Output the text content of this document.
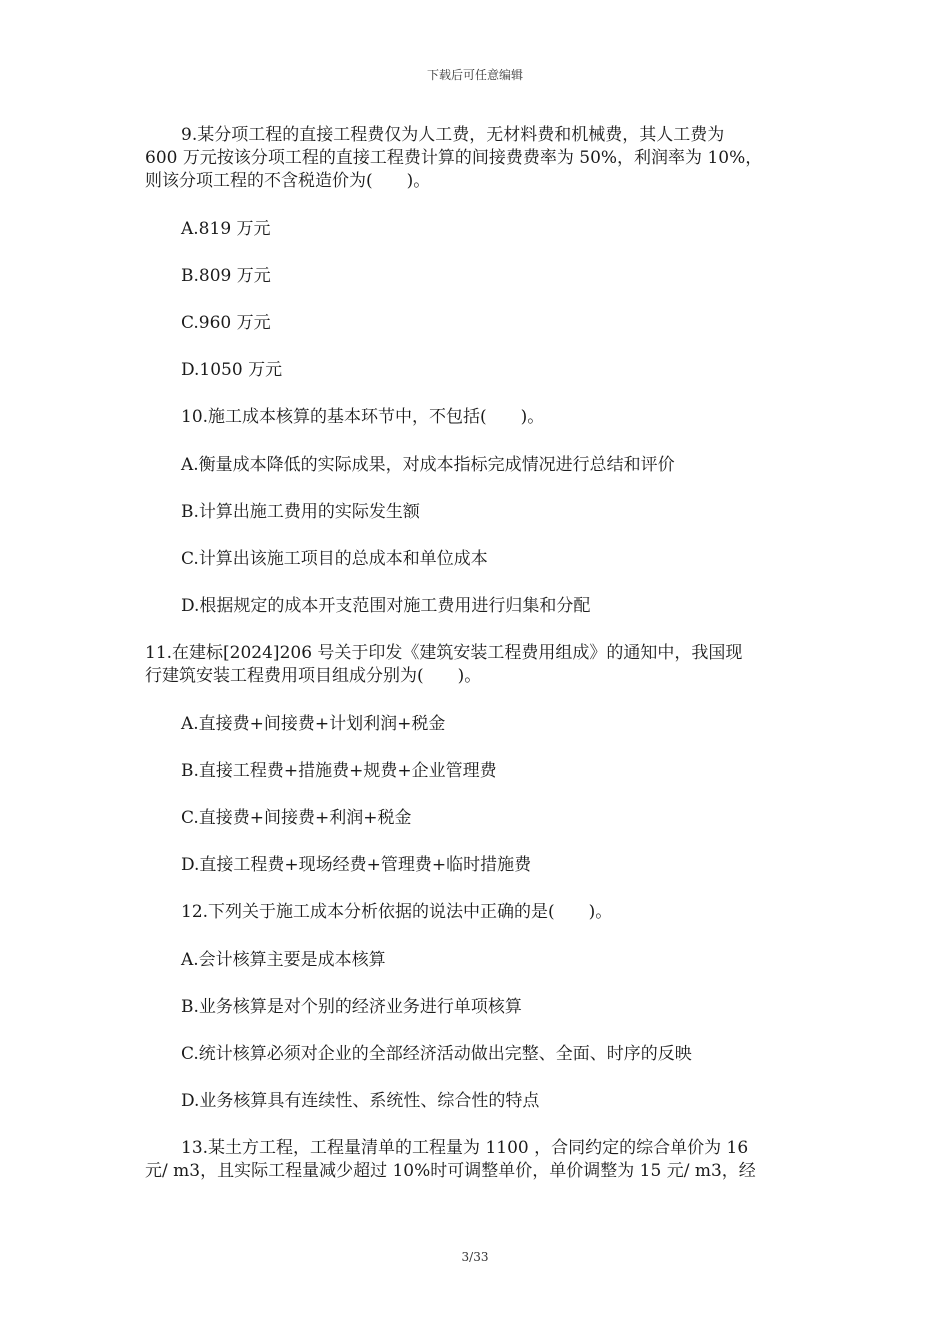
下载后可任意编辑
9.某分项工程的直接工程费仅为人工费，无材料费和机械费，其人工费为
600 万元按该分项工程的直接工程费计算的间接费费率为 50%，利润率为 10%，
则该分项工程的不含税造价为(　　)。
A.819 万元
B.809 万元
C.960 万元
D.1050 万元
10.施工成本核算的基本环节中，不包括(　　)。
A.衡量成本降低的实际成果，对成本指标完成情况进行总结和评价
B.计算出施工费用的实际发生额
C.计算出该施工项目的总成本和单位成本
D.根据规定的成本开支范围对施工费用进行归集和分配
11.在建标[2024]206 号关于印发《建筑安装工程费用组成》的通知中，我国现
行建筑安装工程费用项目组成分别为(　　)。
A.直接费+间接费+计划利润+税金
B.直接工程费+措施费+规费+企业管理费
C.直接费+间接费+利润+税金
D.直接工程费+现场经费+管理费+临时措施费
12.下列关于施工成本分析依据的说法中正确的是(　　)。
A.会计核算主要是成本核算
B.业务核算是对个别的经济业务进行单项核算
C.统计核算必须对企业的全部经济活动做出完整、全面、时序的反映
D.业务核算具有连续性、系统性、综合性的特点
13.某土方工程，工程量清单的工程量为 1100 ，合同约定的综合单价为 16
元/ m3，且实际工程量减少超过 10%时可调整单价，单价调整为 15 元/ m3，经
3/33
